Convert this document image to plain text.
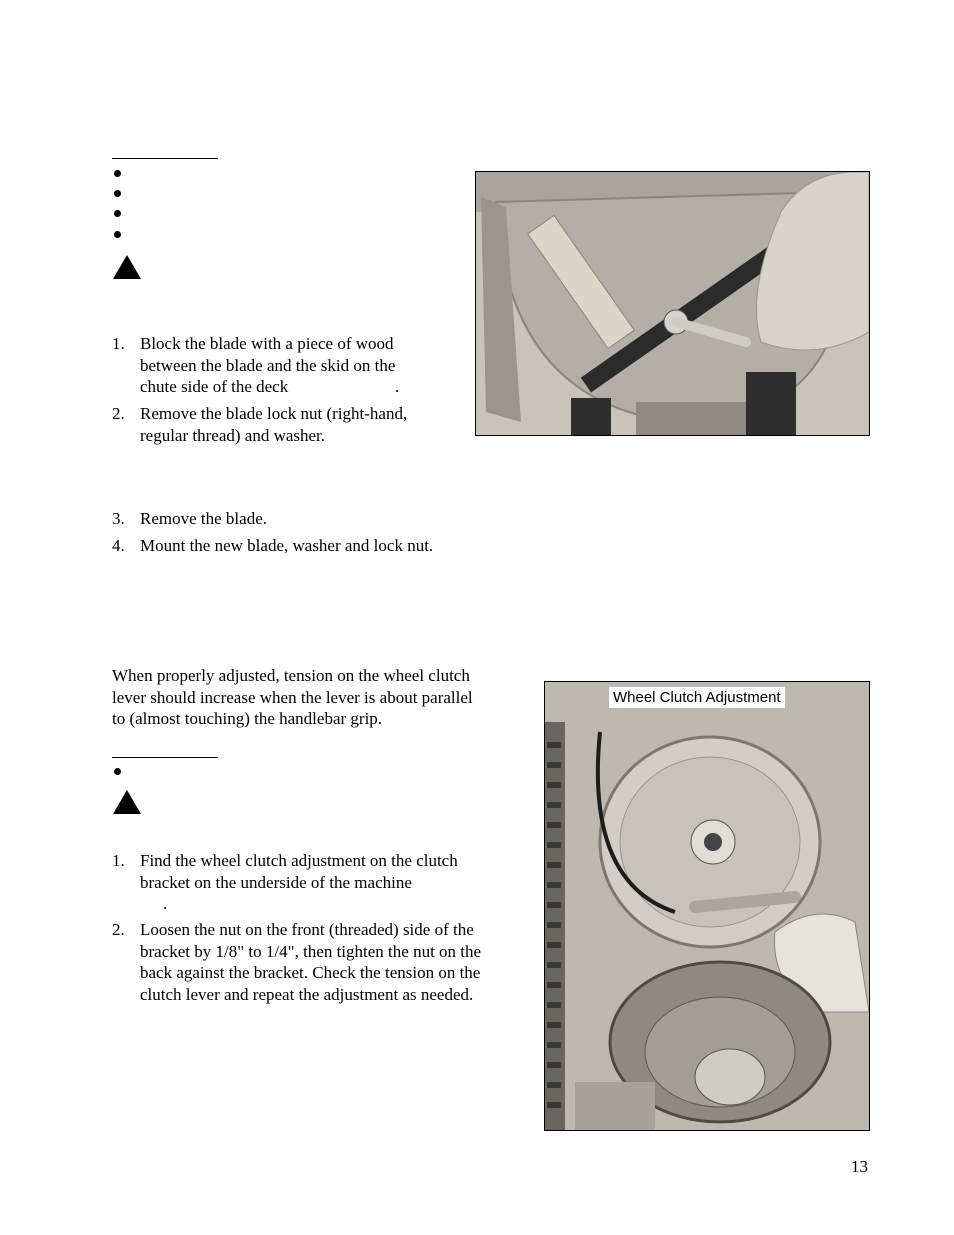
1. Block the blade with a piece of wood
between the blade and the skid on the
chute side of the deck	.
2. Remove the blade lock nut (right-hand,
regular thread) and washer.
3. Remove the blade.
4. Mount the new blade, washer and lock nut.
When properly adjusted, tension on the wheel clutch
lever should increase when the lever is about parallel
to (almost touching) the handlebar grip.
1. Find the wheel clutch adjustment on the clutch
bracket on the underside of the machine
.
2. Loosen the nut on the front (threaded) side of the
bracket by 1/8" to 1/4", then tighten the nut on the
back against the bracket. Check the tension on the
clutch lever and repeat the adjustment as needed.
Wheel Clutch Adjustment
13
